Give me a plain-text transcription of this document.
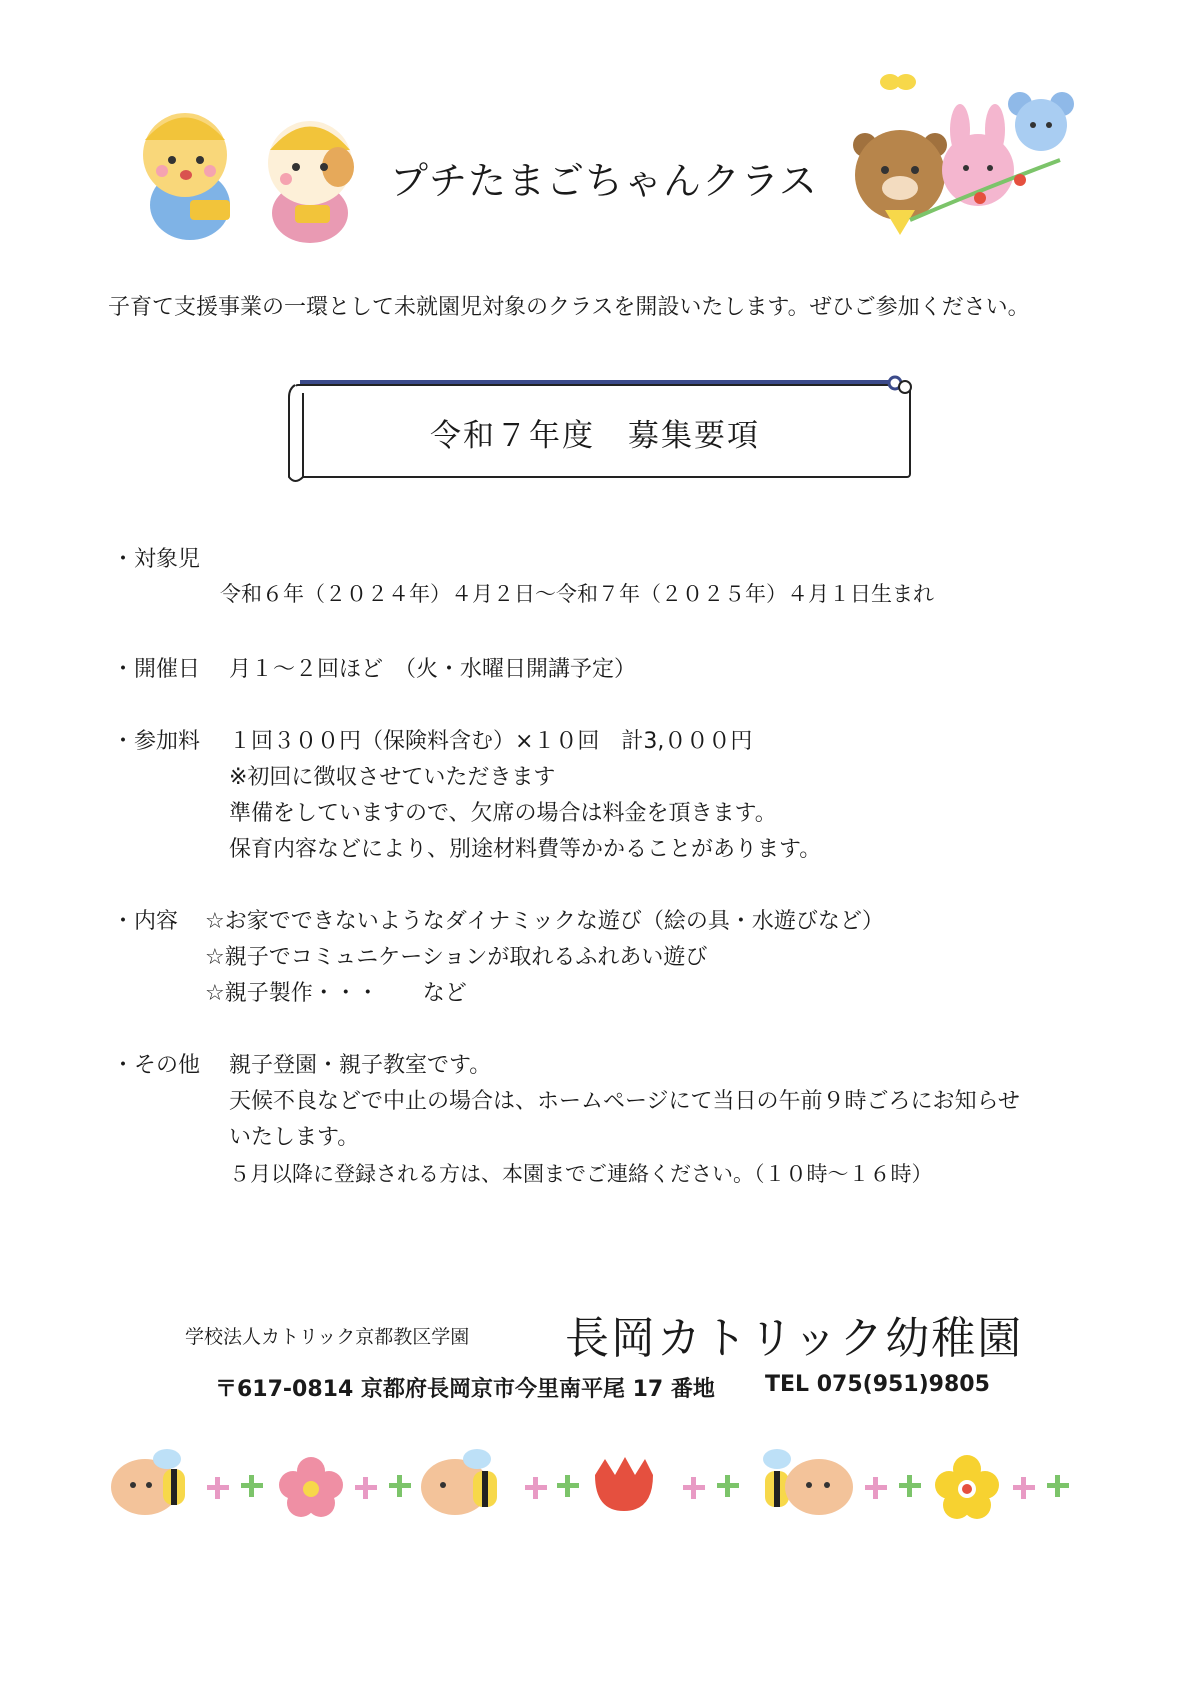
プチたまごちゃんクラス
子育て支援事業の一環として未就園児対象のクラスを開設いたします。ぜひご参加ください。
令和７年度　募集要項
・対象児
令和６年（２０２４年）４月２日～令和７年（２０２５年）４月１日生まれ
・開催日 月１～２回ほど　（火・水曜日開講予定）
・参加料 １回３００円（保険料含む）×１０回　計3,０００円
※初回に徴収させていただきます
準備をしていますので、欠席の場合は料金を頂きます。
保育内容などにより、別途材料費等かかることがあります。
・内容 ☆お家でできないようなダイナミックな遊び（絵の具・水遊びなど）
☆親子でコミュニケーションが取れるふれあい遊び
☆親子製作・・・　　など
・その他 親子登園・親子教室です。
天候不良などで中止の場合は、ホームページにて当日の午前９時ごろにお知らせ
いたします。
５月以降に登録される方は、本園までご連絡ください。（１０時～１６時）
学校法人カトリック京都教区学園 長岡カトリック幼稚園
〒617-0814 京都府長岡京市今里南平尾 17 番地 TEL 075(951)9805
